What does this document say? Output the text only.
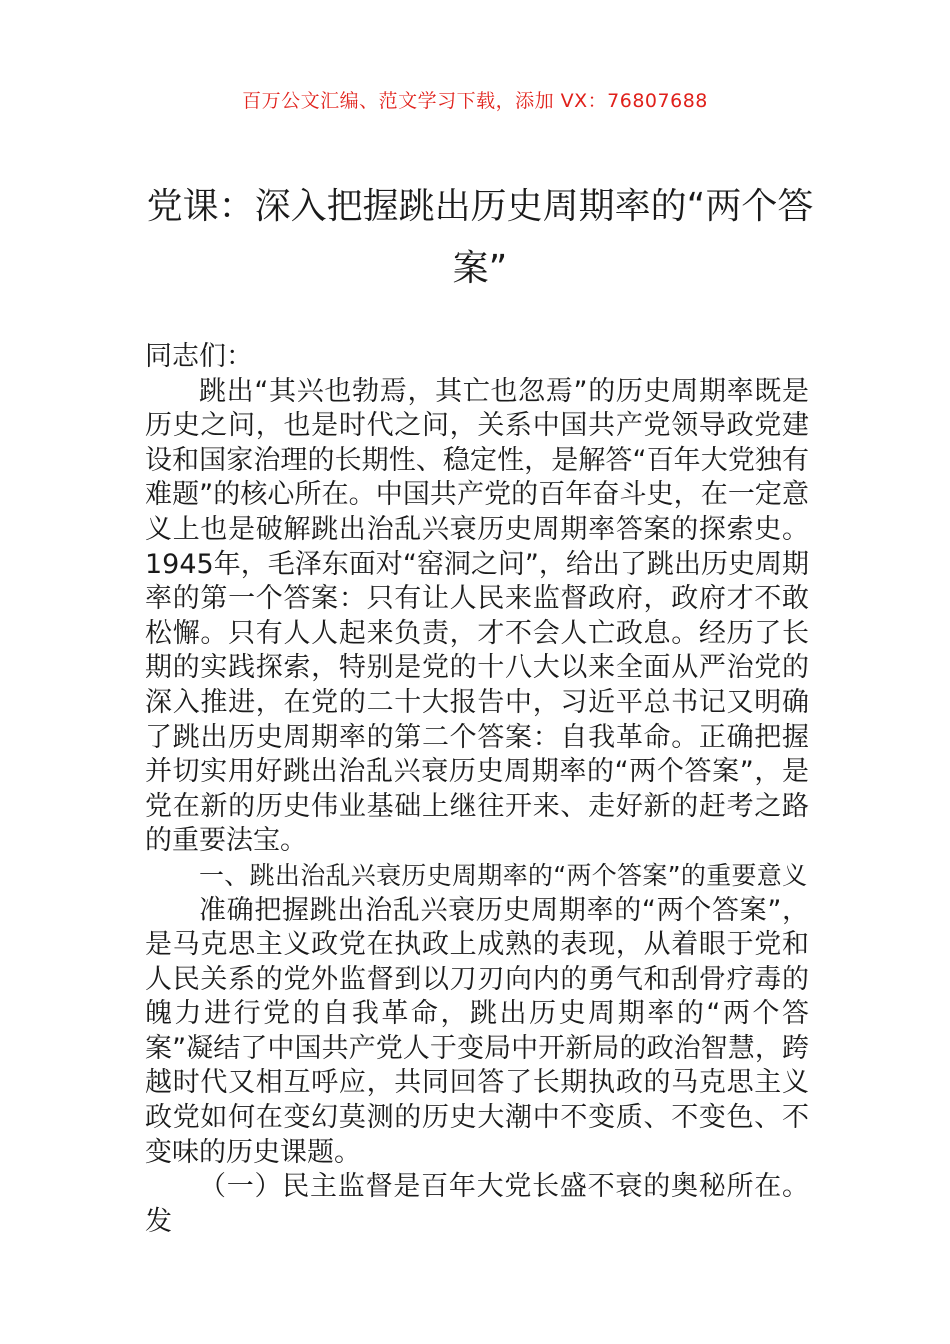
百万公文汇编、范文学习下载，添加 VX：76807688
党课：深入把握跳出历史周期率的“两个答案”

同志们：

跳出“其兴也勃焉，其亡也忽焉”的历史周期率既是历史之问，也是时代之问，关系中国共产党领导政党建设和国家治理的长期性、稳定性，是解答“百年大党独有难题”的核心所在。中国共产党的百年奋斗史，在一定意义上也是破解跳出治乱兴衰历史周期率答案的探索史。1945年，毛泽东面对“窑洞之问”，给出了跳出历史周期率的第一个答案：只有让人民来监督政府，政府才不敢松懈。只有人人起来负责，才不会人亡政息。经历了长期的实践探索，特别是党的十八大以来全面从严治党的深入推进，在党的二十大报告中，习近平总书记又明确了跳出历史周期率的第二个答案：自我革命。正确把握并切实用好跳出治乱兴衰历史周期率的“两个答案”，是党在新的历史伟业基础上继往开来、走好新的赶考之路的重要法宝。

一、跳出治乱兴衰历史周期率的“两个答案”的重要意义

准确把握跳出治乱兴衰历史周期率的“两个答案”，是马克思主义政党在执政上成熟的表现，从着眼于党和人民关系的党外监督到以刀刃向内的勇气和刮骨疗毒的魄力进行党的自我革命，跳出历史周期率的“两个答案”凝结了中国共产党人于变局中开新局的政治智慧，跨越时代又相互呼应，共同回答了长期执政的马克思主义政党如何在变幻莫测的历史大潮中不变质、不变色、不变味的历史课题。

（一）民主监督是百年大党长盛不衰的奥秘所在。发
